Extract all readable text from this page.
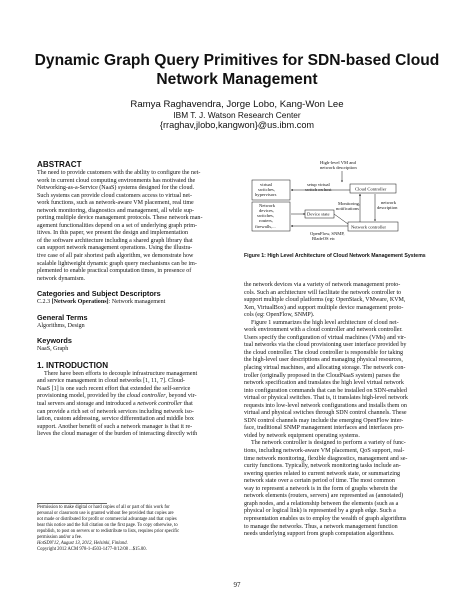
Dynamic Graph Query Primitives for SDN-based Cloud
Network Management
Ramya Raghavendra, Jorge Lobo, Kang-Won Lee
IBM T. J. Watson Research Center
{rraghav,jlobo,kangwon}@us.ibm.com
ABSTRACT
The need to provide customers with the ability to configure the net-
work in current cloud computing environments has motivated the
Networking-as-a-Service (NaaS) systems designed for the cloud.
Such systems can provide cloud customers access to virtual net-
work functions, such as network-aware VM placement, real time
network monitoring, diagnostics and management, all while sup-
porting multiple device management protocols. These network man-
agement functionalities depend on a set of underlying graph prim-
itives. In this paper, we present the design and implementation
of the software architecture including a shared graph library that
can support network management operations. Using the illustra-
tive case of all pair shortest path algorithm, we demonstrate how
scalable lightweight dynamic graph query mechanisms can be im-
plemented to enable practical computation times, in presence of
network dynamism.
Categories and Subject Descriptors
C.2.3 [Network Operations]: Network management
General Terms
Algorithms, Design
Keywords
NaaS, Graph
1. INTRODUCTION
There have been efforts to decouple infrastructure management
and service management in cloud networks [1, 11, 7]. Cloud-
NaaS [1] is one such recent effort that extended the self-service
provisioning model, provided by the cloud controller, beyond vir-
tual servers and storage and introduced a network controller that
can provide a rich set of network services including network iso-
lation, custom addressing, service differentiation and middle box
support. Another benefit of such a network manager is that it re-
lieves the cloud manager of the burden of interacting directly with
Permission to make digital or hard copies of all or part of this work for
personal or classroom use is granted without fee provided that copies are
not made or distributed for profit or commercial advantage and that copies
bear this notice and the full citation on the first page. To copy otherwise, to
republish, to post on servers or to redistribute to lists, requires prior specific
permission and/or a fee.
HotSDN'12, August 13, 2012, Helsinki, Finland.
Copyright 2012 ACM 978-1-4503-1477-0/12/08 ...$15.00.
High-level VM and
network description
virtual
switches,
hypervisors
Network
devices,
switches,
routers,
firewalls,...
Cloud Controller
setup virtual
switch on host
Device state
Monitoring,
notifications
network
description
Network controller
OpenFlow, SNMP,
BladeOS etc
Figure 1: High Level Architecture of Cloud Network Management Systems
the network devices via a variety of network management proto-
cols. Such an architecture will facilitate the network controller to
support multiple cloud platforms (eg: OpenStack, VMware, KVM,
Xen, VirtualBox) and support multiple device management proto-
cols (eg: OpenFlow, SNMP).
Figure 1 summarizes the high level architecture of cloud net-
work environment with a cloud controller and network controller.
Users specify the configuration of virtual machines (VMs) and vir-
tual networks via the cloud provisioning user interface provided by
the cloud controller. The cloud controller is responsible for taking
the high-level user descriptions and managing physical resources,
placing virtual machines, and allocating storage. The network con-
troller (originally proposed in the CloudNaaS system) parses the
network specification and translates the high level virtual network
into configuration commands that can be installed on SDN-enabled
virtual or physical switches. That is, it translates high-level network
requests into low-level network configurations and installs them on
virtual and physical switches through SDN control channels. These
SDN control channels may include the emerging OpenFlow inter-
face, traditional SNMP management interfaces and interfaces pro-
vided by network equipment operating systems.
The network controller is designed to perform a variety of func-
tions, including network-aware VM placement, QoS support, real-
time network monitoring, flexible diagnostics, management and se-
curity functions. Typically, network monitoring tasks include an-
swering queries related to current network state, or summarizing
network state over a certain period of time. The most common
way to represent a network is in the form of graphs wherein the
network elements (routers, servers) are represented as (annotated)
graph nodes, and a relationship between the elements (such as a
physical or logical link) is represented by a graph edge. Such a
representation enables us to employ the wealth of graph algorithms
to manage the networks. Thus, a network management function
needs underlying support from graph computation algorithms.
97
